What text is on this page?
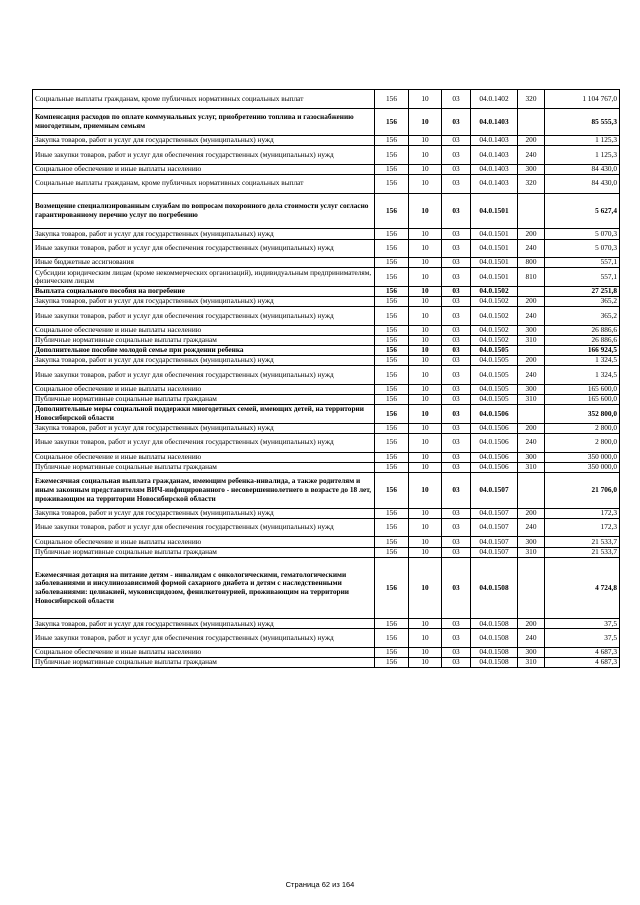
Социальные выплаты гражданам, кроме публичных нормативных социальных выплат	156	10	03	04.0.1402	320	1 104 767,0
Компенсация расходов по оплате коммунальных услуг, приобретению топлива и газоснабжению многодетным, приемным семьям	156	10	03	04.0.1403		85 555,3
Закупка товаров, работ и услуг для государственных (муниципальных) нужд	156	10	03	04.0.1403	200	1 125,3
Иные закупки товаров, работ и услуг для обеспечения государственных (муниципальных) нужд	156	10	03	04.0.1403	240	1 125,3
Социальное обеспечение и иные выплаты населению	156	10	03	04.0.1403	300	84 430,0
Социальные выплаты гражданам, кроме публичных нормативных социальных выплат	156	10	03	04.0.1403	320	84 430,0
Возмещение специализированным службам по вопросам похоронного дела стоимости услуг согласно гарантированному перечню услуг по погребению	156	10	03	04.0.1501		5 627,4
Закупка товаров, работ и услуг для государственных (муниципальных) нужд	156	10	03	04.0.1501	200	5 070,3
Иные закупки товаров, работ и услуг для обеспечения государственных (муниципальных) нужд	156	10	03	04.0.1501	240	5 070,3
Иные бюджетные ассигнования	156	10	03	04.0.1501	800	557,1
Субсидии юридическим лицам (кроме некоммерческих организаций), индивидуальным предпринимателям, физическим лицам	156	10	03	04.0.1501	810	557,1
Выплата социального пособия на погребение	156	10	03	04.0.1502		27 251,8
Закупка товаров, работ и услуг для государственных (муниципальных) нужд	156	10	03	04.0.1502	200	365,2
Иные закупки товаров, работ и услуг для обеспечения государственных (муниципальных) нужд	156	10	03	04.0.1502	240	365,2
Социальное обеспечение и иные выплаты населению	156	10	03	04.0.1502	300	26 886,6
Публичные нормативные социальные выплаты гражданам	156	10	03	04.0.1502	310	26 886,6
Дополнительное пособие молодой семье при рождении ребенка	156	10	03	04.0.1505		166 924,5
Закупка товаров, работ и услуг для государственных (муниципальных) нужд	156	10	03	04.0.1505	200	1 324,5
Иные закупки товаров, работ и услуг для обеспечения государственных (муниципальных) нужд	156	10	03	04.0.1505	240	1 324,5
Социальное обеспечение и иные выплаты населению	156	10	03	04.0.1505	300	165 600,0
Публичные нормативные социальные выплаты гражданам	156	10	03	04.0.1505	310	165 600,0
Дополнительные меры социальной поддержки многодетных семей, имеющих детей, на территории Новосибирской области	156	10	03	04.0.1506		352 800,0
Закупка товаров, работ и услуг для государственных (муниципальных) нужд	156	10	03	04.0.1506	200	2 800,0
Иные закупки товаров, работ и услуг для обеспечения государственных (муниципальных) нужд	156	10	03	04.0.1506	240	2 800,0
Социальное обеспечение и иные выплаты населению	156	10	03	04.0.1506	300	350 000,0
Публичные нормативные социальные выплаты гражданам	156	10	03	04.0.1506	310	350 000,0
Ежемесячная социальная выплата гражданам, имеющим ребенка-инвалида, а также родителям и иным законным представителям ВИЧ-инфицированного - несовершеннолетнего в возрасте до 18 лет, проживающим на территории Новосибирской области	156	10	03	04.0.1507		21 706,0
Закупка товаров, работ и услуг для государственных (муниципальных) нужд	156	10	03	04.0.1507	200	172,3
Иные закупки товаров, работ и услуг для обеспечения государственных (муниципальных) нужд	156	10	03	04.0.1507	240	172,3
Социальное обеспечение и иные выплаты населению	156	10	03	04.0.1507	300	21 533,7
Публичные нормативные социальные выплаты гражданам	156	10	03	04.0.1507	310	21 533,7
Ежемесячная дотация на питание детям - инвалидам с онкологическими, гематологическими заболеваниями и инсулинозависимой формой сахарного диабета и детям с наследственными заболеваниями: целиакией, муковисцидозом, фенилкетонурией, проживающим на территории Новосибирской области	156	10	03	04.0.1508		4 724,8
Закупка товаров, работ и услуг для государственных (муниципальных) нужд	156	10	03	04.0.1508	200	37,5
Иные закупки товаров, работ и услуг для обеспечения государственных (муниципальных) нужд	156	10	03	04.0.1508	240	37,5
Социальное обеспечение и иные выплаты населению	156	10	03	04.0.1508	300	4 687,3
Публичные нормативные социальные выплаты гражданам	156	10	03	04.0.1508	310	4 687,3
Страница 62 из 164
